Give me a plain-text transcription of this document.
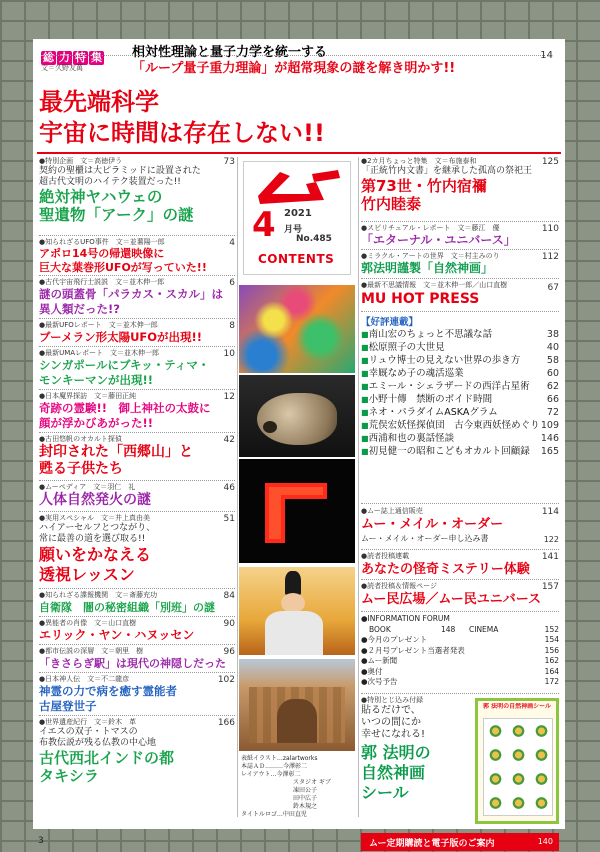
総 力 特 集
文＝久野友萬
相対性理論と量子力学を統一する
「ループ量子重力理論」が超常現象の謎を解き明かす!!
14
最先端科学
宇宙に時間は存在しない!!
●特別企画　文＝高徳伊う	73
契約の聖櫃は大ピラミッドに設置された
超古代文明のハイテク装置だった!!
絶対神ヤハウェの
聖遺物「アーク」の謎
●知られざるUFO事件　文＝並薯陽一郎	4
アポロ14号の帰還映像に
巨大な葉巻形UFOが写っていた!!
●古代宇宙飛行士説説　文＝並木伸一郎	6
謎の頭蓋骨「パラカス・スカル」は
異人類だった!?
●最新UFOレポート　文＝並木伸一郎	8
ブーメラン形太陽UFOが出現!!
●最新UMAレポート　文＝並木伸一郎	10
シンガポールにブキッ・ティマ・
モンキーマンが出現!!
●日本魔界探訪　文＝藤田正純	12
奇跡の霊験!!　御上神社の太鼓に
顔が浮かびあがった!!
●古田悠帆のオカルト探偵	42
封印された「西郷山」と
甦る子供たち
●ムーペディア　文＝羽仁　礼	46
人体自然発火の謎
●実用スペシャル　文＝井上真由美	51
ハイアーセルフとつながり、
常に最善の道を選び取る!!
願いをかなえる
透視レッスン
●知られざる諜報機関　文＝斎藤充功	84
自衛隊　闇の秘密組織「別班」の謎
●異能者の肖像　文＝山口直樹	90
エリック・ヤン・ハヌッセン
●都市伝説の深層　文＝朝里　樹	96
「きさらぎ駅」は現代の神隠しだった
●日本神人伝　文＝不二龍彦	102
神霊の力で病を癒す霊能者
古屋登世子
●世界遺産紀行　文＝鈴木　革	166
イエスの双子・トマスの
布教伝説が残る仏教の中心地
古代西北インドの都
タキシラ
4 2021
月号
No.485
CONTENTS
表紙イラスト…zalartworks
本誌ＡＤ………今澤彰二
レイアウト…今澤彰二
スタジオ ギブ
凍田公子
田中広子
鈴木規之
タイトルロゴ…中田直児
●2カ月ちょっと特集　文＝布施泰和	125
「正統竹内文書」を継承した孤高の祭祀王
第73世・竹内宿禰
竹内睦泰
●スピリチュアル・レポート　文＝藤江　優	110
「エターナル・ユニバース」
●ミラクル・アートの世界　文＝村主みのり	112
郭法明謹製「自然神画」
●最新不思議情報　文＝並木伸一郎／山口直樹	67
MU HOT PRESS
【好評連載】
■南山宏のちょっと不思議な話	38
■松原照子の大世見	40
■リュウ博士の見えない世界の歩き方	58
■幸厩なめ子の魂活巡業	60
■エミール・シェラザードの西洋占星術 62
■小野十傳　禁断のボイド時間	66
■ネオ・パラダイムASKAグラム	72
■荒俣宏妖怪探偵団　古今東西妖怪めぐり 109
■西浦和也の裏話怪談	146
■初見健一の昭和こどもオカルト回顧録 165
●ムー誌上通信販売	114
ムー・メイル・オーダー
ムー・メイル・オーダー申し込み書	122
●読者投稿連載	141
あなたの怪奇ミステリー体験
●読者投稿＆情報ページ	157
ムー民広場／ムー民ユニバース
●INFORMATION FORUM
BOOK	148 CINEMA	152
●今月のプレゼント	154
●２月号プレゼント当選者発表	156
●ムー新聞	162
●奥付	164
●次号予告	172
●特別とじ込み付録
貼るだけで、
いつの間にか
幸せになれる!
郭 法明の
自然神画
シール
郭 法明の自然神画シール
ムー定期購読と電子版のご案内	140
3
